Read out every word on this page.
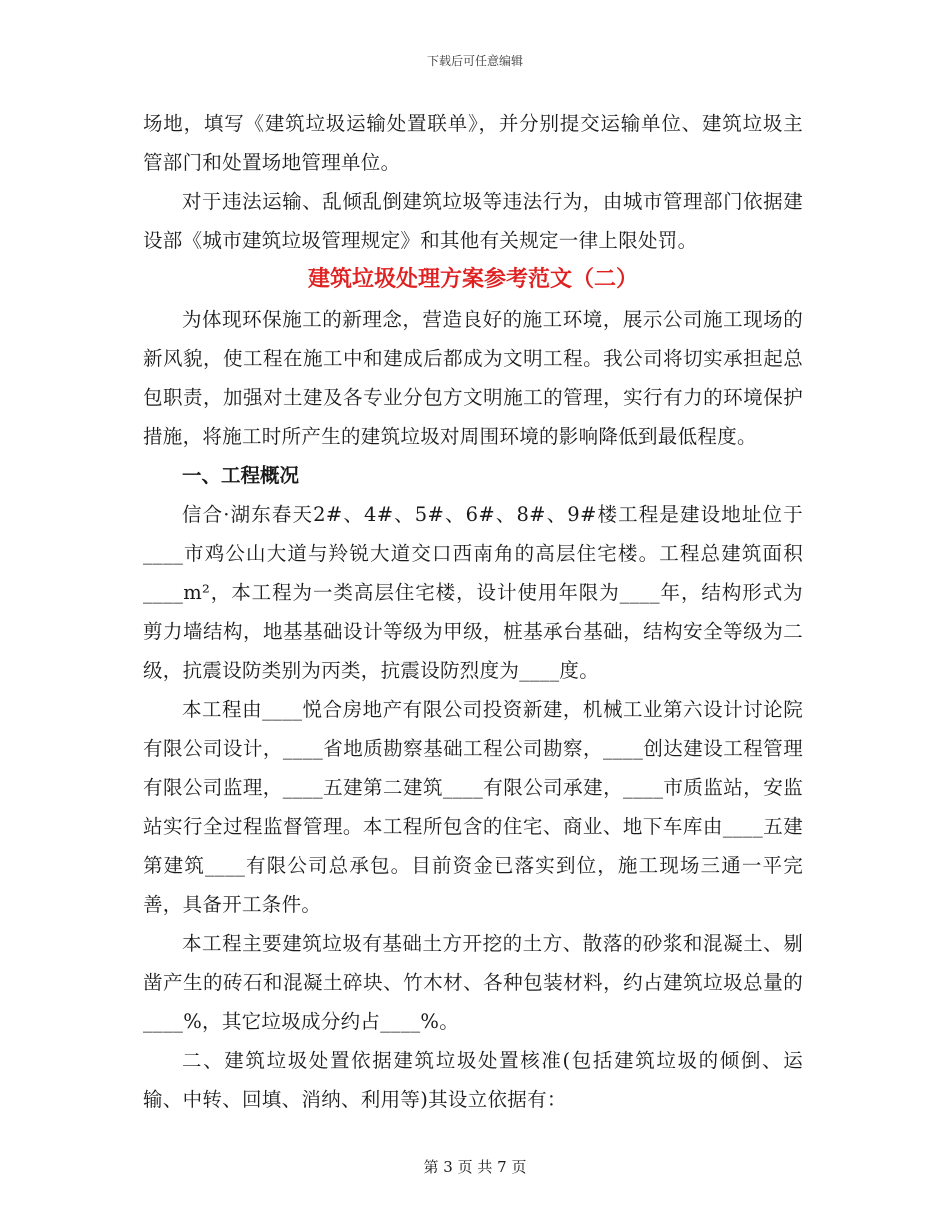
下载后可任意编辑

场地，填写《建筑垃圾运输处置联单》，并分别提交运输单位、建筑垃圾主管部门和处置场地管理单位。

对于违法运输、乱倾乱倒建筑垃圾等违法行为，由城市管理部门依据建设部《城市建筑垃圾管理规定》和其他有关规定一律上限处罚。

建筑垃圾处理方案参考范文（二）

为体现环保施工的新理念，营造良好的施工环境，展示公司施工现场的新风貌，使工程在施工中和建成后都成为文明工程。我公司将切实承担起总包职责，加强对土建及各专业分包方文明施工的管理，实行有力的环境保护措施，将施工时所产生的建筑垃圾对周围环境的影响降低到最低程度。

一、工程概况

信合·湖东春天2#、4#、5#、6#、8#、9#楼工程是建设地址位于____市鸡公山大道与羚锐大道交口西南角的高层住宅楼。工程总建筑面积____m²，本工程为一类高层住宅楼，设计使用年限为____年，结构形式为剪力墙结构，地基基础设计等级为甲级，桩基承台基础，结构安全等级为二级，抗震设防类别为丙类，抗震设防烈度为____度。

本工程由____悦合房地产有限公司投资新建，机械工业第六设计讨论院有限公司设计，____省地质勘察基础工程公司勘察，____创达建设工程管理有限公司监理，____五建第二建筑____有限公司承建，____市质监站，安监站实行全过程监督管理。本工程所包含的住宅、商业、地下车库由____五建第建筑____有限公司总承包。目前资金已落实到位，施工现场三通一平完善，具备开工条件。

本工程主要建筑垃圾有基础土方开挖的土方、散落的砂浆和混凝土、剔凿产生的砖石和混凝土碎块、竹木材、各种包装材料，约占建筑垃圾总量的____%，其它垃圾成分约占____%。

二、建筑垃圾处置依据建筑垃圾处置核准(包括建筑垃圾的倾倒、运输、中转、回填、消纳、利用等)其设立依据有：

第 3 页 共 7 页
